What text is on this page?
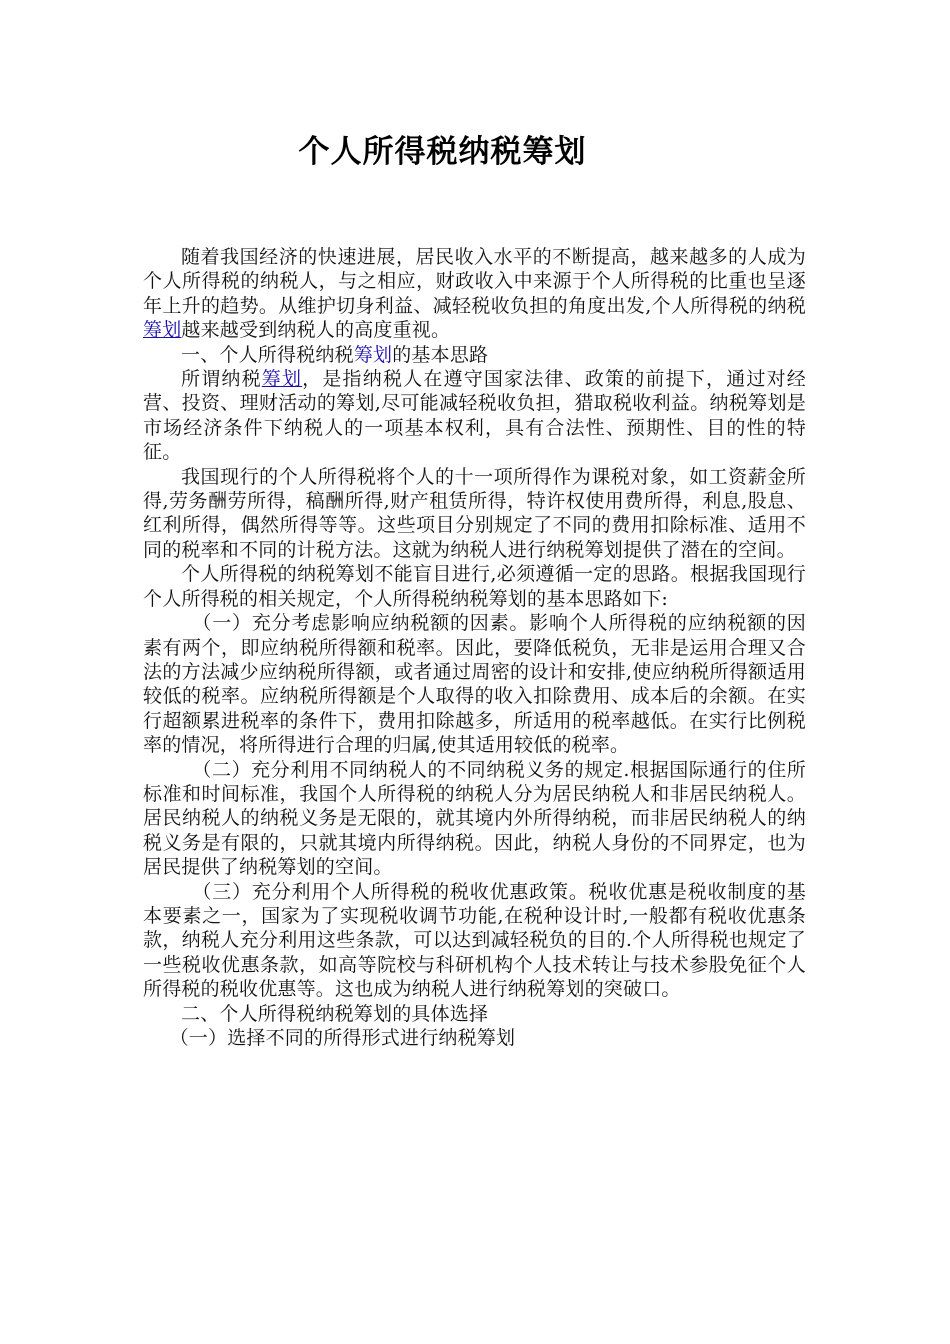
个人所得税纳税筹划

随着我国经济的快速进展，居民收入水平的不断提高，越来越多的人成为个人所得税的纳税人，与之相应，财政收入中来源于个人所得税的比重也呈逐年上升的趋势。从维护切身利益、减轻税收负担的角度出发,个人所得税的纳税筹划越来越受到纳税人的高度重视。

一、个人所得税纳税筹划的基本思路

所谓纳税筹划，是指纳税人在遵守国家法律、政策的前提下，通过对经营、投资、理财活动的筹划,尽可能减轻税收负担，猎取税收利益。纳税筹划是市场经济条件下纳税人的一项基本权利，具有合法性、预期性、目的性的特征。

我国现行的个人所得税将个人的十一项所得作为课税对象，如工资薪金所得,劳务酬劳所得，稿酬所得,财产租赁所得，特许权使用费所得，利息,股息、红利所得，偶然所得等等。这些项目分别规定了不同的费用扣除标准、适用不同的税率和不同的计税方法。这就为纳税人进行纳税筹划提供了潜在的空间。

个人所得税的纳税筹划不能盲目进行,必须遵循一定的思路。根据我国现行个人所得税的相关规定，个人所得税纳税筹划的基本思路如下:

（一）充分考虑影响应纳税额的因素。影响个人所得税的应纳税额的因素有两个，即应纳税所得额和税率。因此，要降低税负，无非是运用合理又合法的方法减少应纳税所得额，或者通过周密的设计和安排,使应纳税所得额适用较低的税率。应纳税所得额是个人取得的收入扣除费用、成本后的余额。在实行超额累进税率的条件下，费用扣除越多，所适用的税率越低。在实行比例税率的情况，将所得进行合理的归属,使其适用较低的税率。

（二）充分利用不同纳税人的不同纳税义务的规定.根据国际通行的住所标准和时间标准，我国个人所得税的纳税人分为居民纳税人和非居民纳税人。居民纳税人的纳税义务是无限的，就其境内外所得纳税，而非居民纳税人的纳税义务是有限的，只就其境内所得纳税。因此，纳税人身份的不同界定，也为居民提供了纳税筹划的空间。

（三）充分利用个人所得税的税收优惠政策。税收优惠是税收制度的基本要素之一，国家为了实现税收调节功能,在税种设计时,一般都有税收优惠条款，纳税人充分利用这些条款，可以达到减轻税负的目的.个人所得税也规定了一些税收优惠条款，如高等院校与科研机构个人技术转让与技术参股免征个人所得税的税收优惠等。这也成为纳税人进行纳税筹划的突破口。

二、个人所得税纳税筹划的具体选择

（一）选择不同的所得形式进行纳税筹划
